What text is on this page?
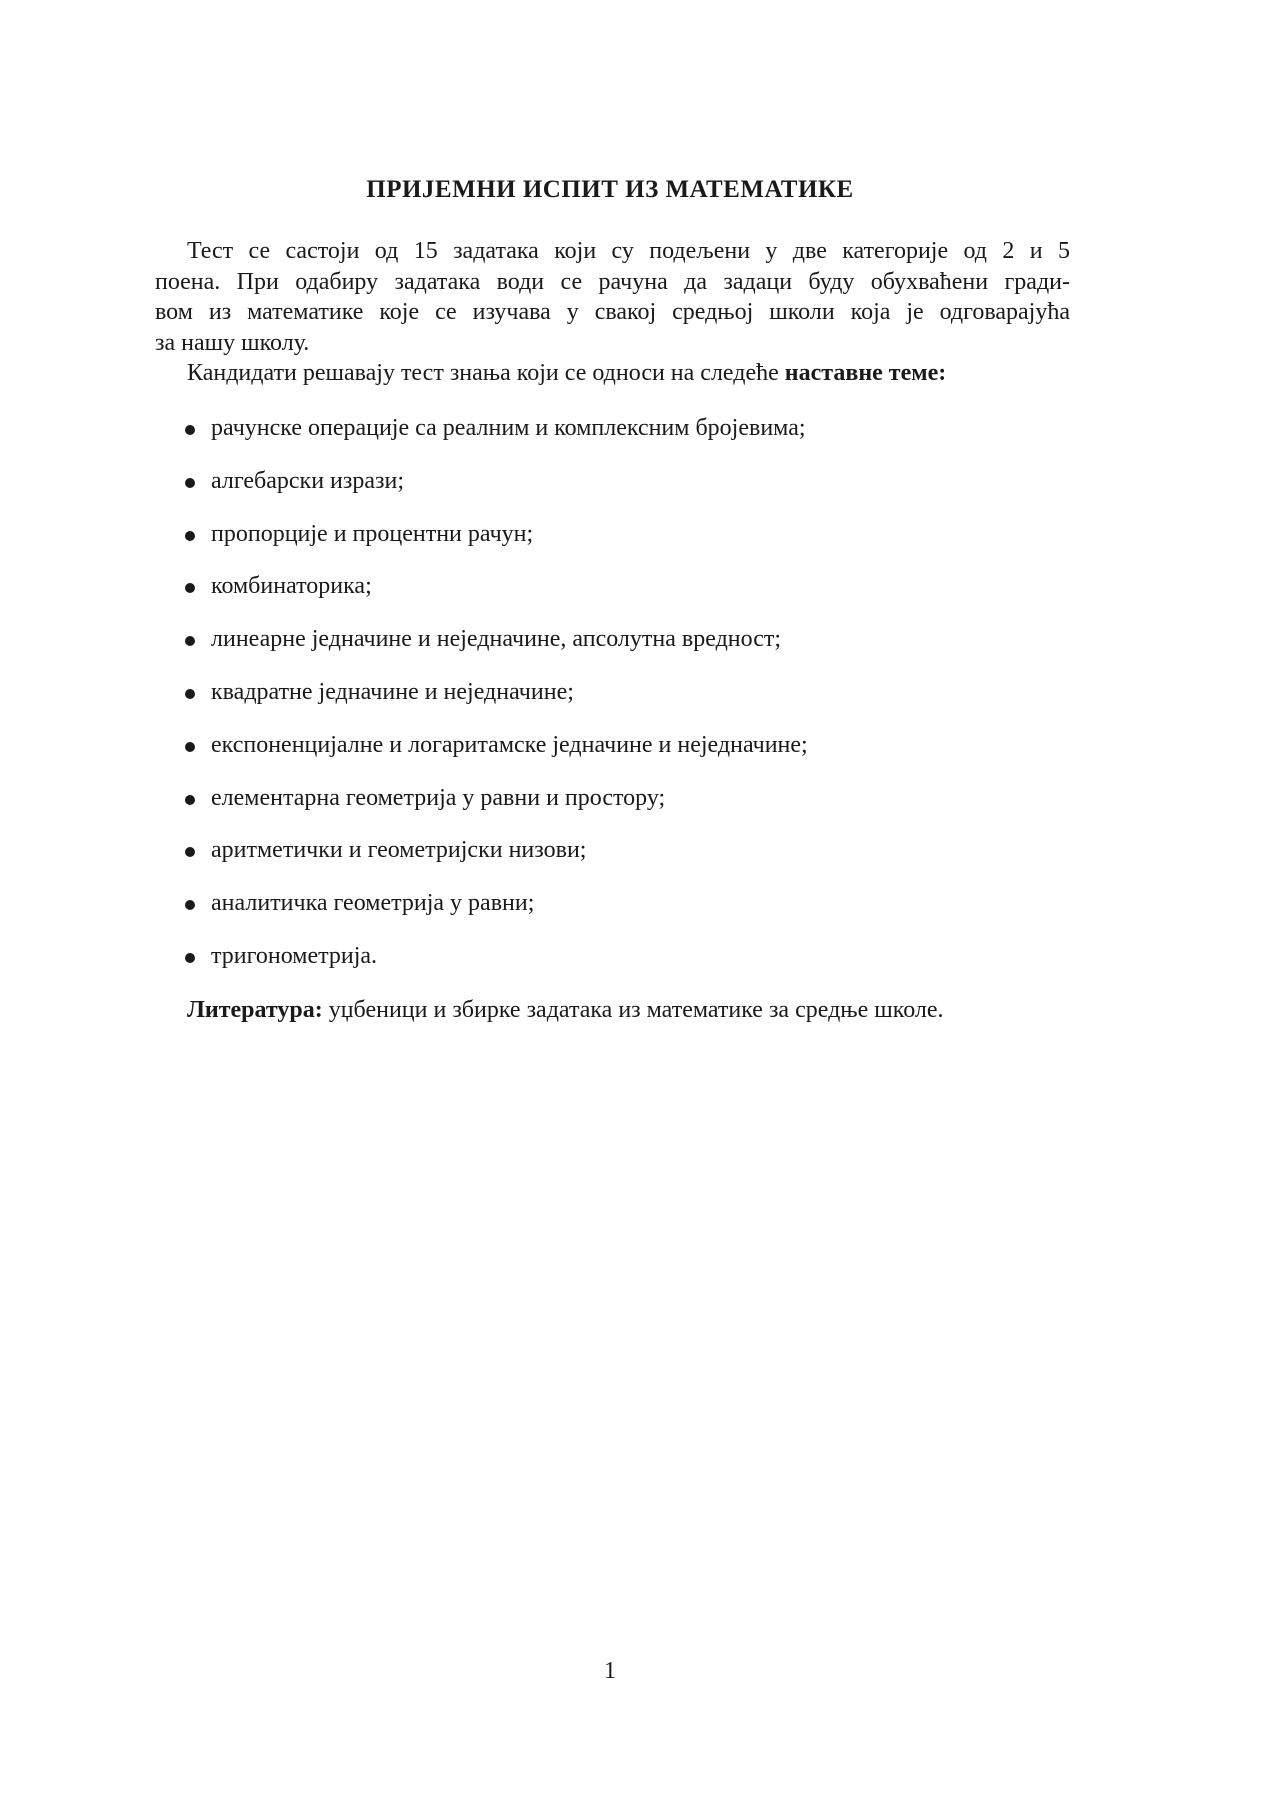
ПРИЈЕМНИ ИСПИТ ИЗ МАТЕМАТИКЕ
Тест се састоји од 15 задатака који су подељени у две категорије од 2 и 5
поена. При одабиру задатака води се рачуна да задаци буду обухваћени гради-
вом из математике које се изучава у свакој средњој школи која је одговарајућа
за нашу школу.
Кандидати решавају тест знања који се односи на следеће наставне теме:
рачунске операције са реалним и комплексним бројевима;
алгебарски изрази;
пропорције и процентни рачун;
комбинаторика;
линеарне једначине и неједначине, апсолутна вредност;
квадратне једначине и неједначине;
експоненцијалне и логаритамске једначине и неједначине;
елементарна геометрија у равни и простору;
аритметички и геометријски низови;
аналитичка геометрија у равни;
тригонометрија.
Литература: уџбеници и збирке задатака из математике за средње школе.
1
